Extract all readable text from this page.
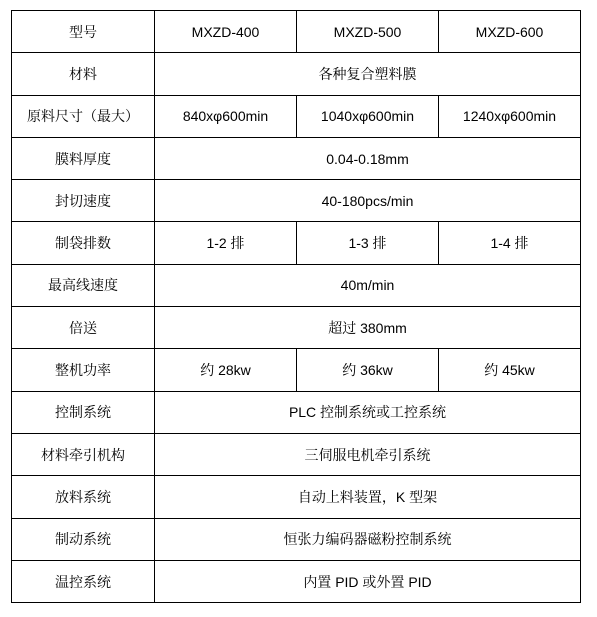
型号	MXZD-400	MXZD-500	MXZD-600
材料	各种复合塑料膜		
原料尺寸（最大）	840xφ600min	1040xφ600min	1240xφ600min
膜料厚度	0.04-0.18mm		
封切速度	40-180pcs/min		
制袋排数	1-2 排	1-3 排	1-4 排
最高线速度	40m/min		
倍送	超过 380mm		
整机功率	约 28kw	约 36kw	约 45kw
控制系统	PLC 控制系统或工控系统		
材料牵引机构	三伺服电机牵引系统		
放料系统	自动上料装置，K 型架		
制动系统	恒张力编码器磁粉控制系统		
温控系统	内置 PID 或外置 PID		
